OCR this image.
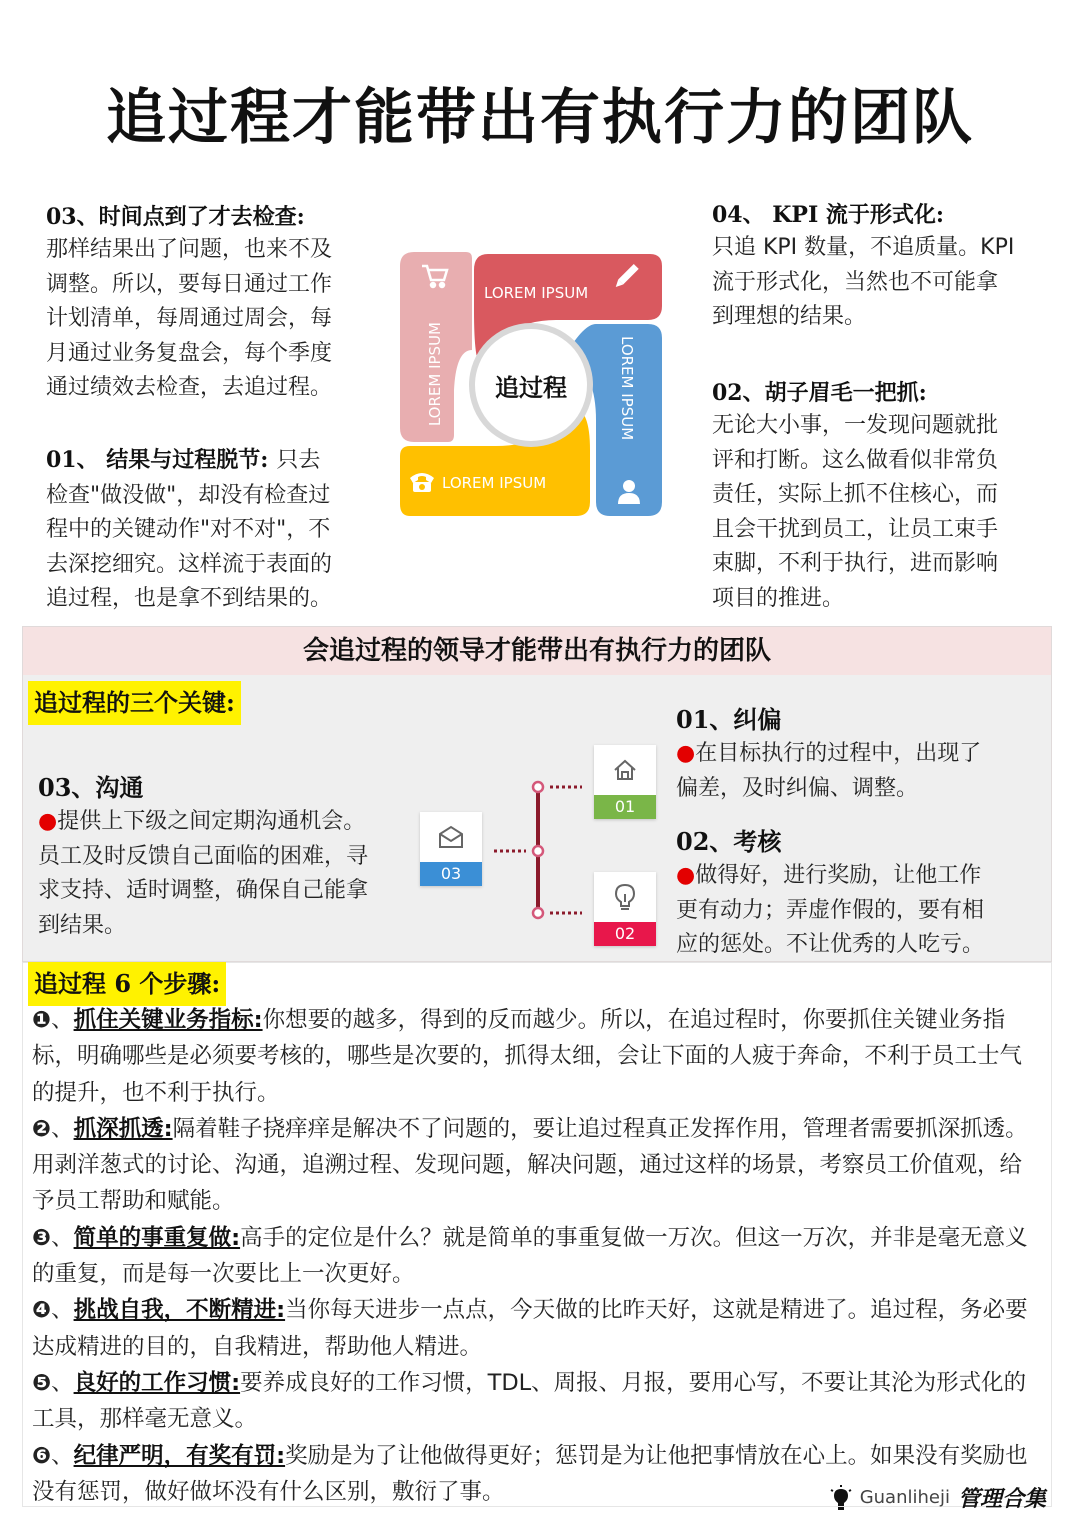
追过程才能带出有执行力的团队
03、时间点到了才去检查:
那样结果出了问题，也来不及
调整。所以，要每日通过工作
计划清单，每周通过周会，每
月通过业务复盘会，每个季度
通过绩效去检查，去追过程。
01、 结果与过程脱节: 只去
检查"做没做"，却没有检查过
程中的关键动作"对不对"，不
去深挖细究。这样流于表面的
追过程，也是拿不到结果的。
04、 KPI 流于形式化:
只追 KPI 数量，不追质量。KPI
流于形式化，当然也不可能拿
到理想的结果。
02、胡子眉毛一把抓:
无论大小事，一发现问题就批
评和打断。这么做看似非常负
责任，实际上抓不住核心，而
且会干扰到员工，让员工束手
束脚，不利于执行，进而影响
项目的推进。
追过程
LOREM IPSUM
LOREM IPSUM
LOREM IPSUM
LOREM IPSUM
会追过程的领导才能带出有执行力的团队
追过程的三个关键:
03、沟通
●提供上下级之间定期沟通机会。
员工及时反馈自己面临的困难，寻
求支持、适时调整，确保自己能拿
到结果。
01、纠偏
●在目标执行的过程中，出现了
偏差，及时纠偏、调整。
02、考核
●做得好，进行奖励，让他工作
更有动力；弄虚作假的，要有相
应的惩处。不让优秀的人吃亏。
01
02
03
追过程 6 个步骤:
❶、抓住关键业务指标:你想要的越多，得到的反而越少。所以，在追过程时，你要抓住关键业务指标，明确哪些是必须要考核的，哪些是次要的，抓得太细，会让下面的人疲于奔命，不利于员工士气的提升，也不利于执行。
❷、抓深抓透:隔着鞋子挠痒痒是解决不了问题的，要让追过程真正发挥作用，管理者需要抓深抓透。用剥洋葱式的讨论、沟通，追溯过程、发现问题，解决问题，通过这样的场景，考察员工价值观，给予员工帮助和赋能。
❸、简单的事重复做:高手的定位是什么？就是简单的事重复做一万次。但这一万次，并非是毫无意义的重复，而是每一次要比上一次更好。
❹、挑战自我，不断精进:当你每天进步一点点，今天做的比昨天好，这就是精进了。追过程，务必要达成精进的目的，自我精进，帮助他人精进。
❺、良好的工作习惯:要养成良好的工作习惯，TDL、周报、月报，要用心写，不要让其沦为形式化的工具，那样毫无意义。
❻、纪律严明，有奖有罚:奖励是为了让他做得更好；惩罚是为让他把事情放在心上。如果没有奖励也没有惩罚，做好做坏没有什么区别，敷衍了事。	Guanliheji 管理合集
